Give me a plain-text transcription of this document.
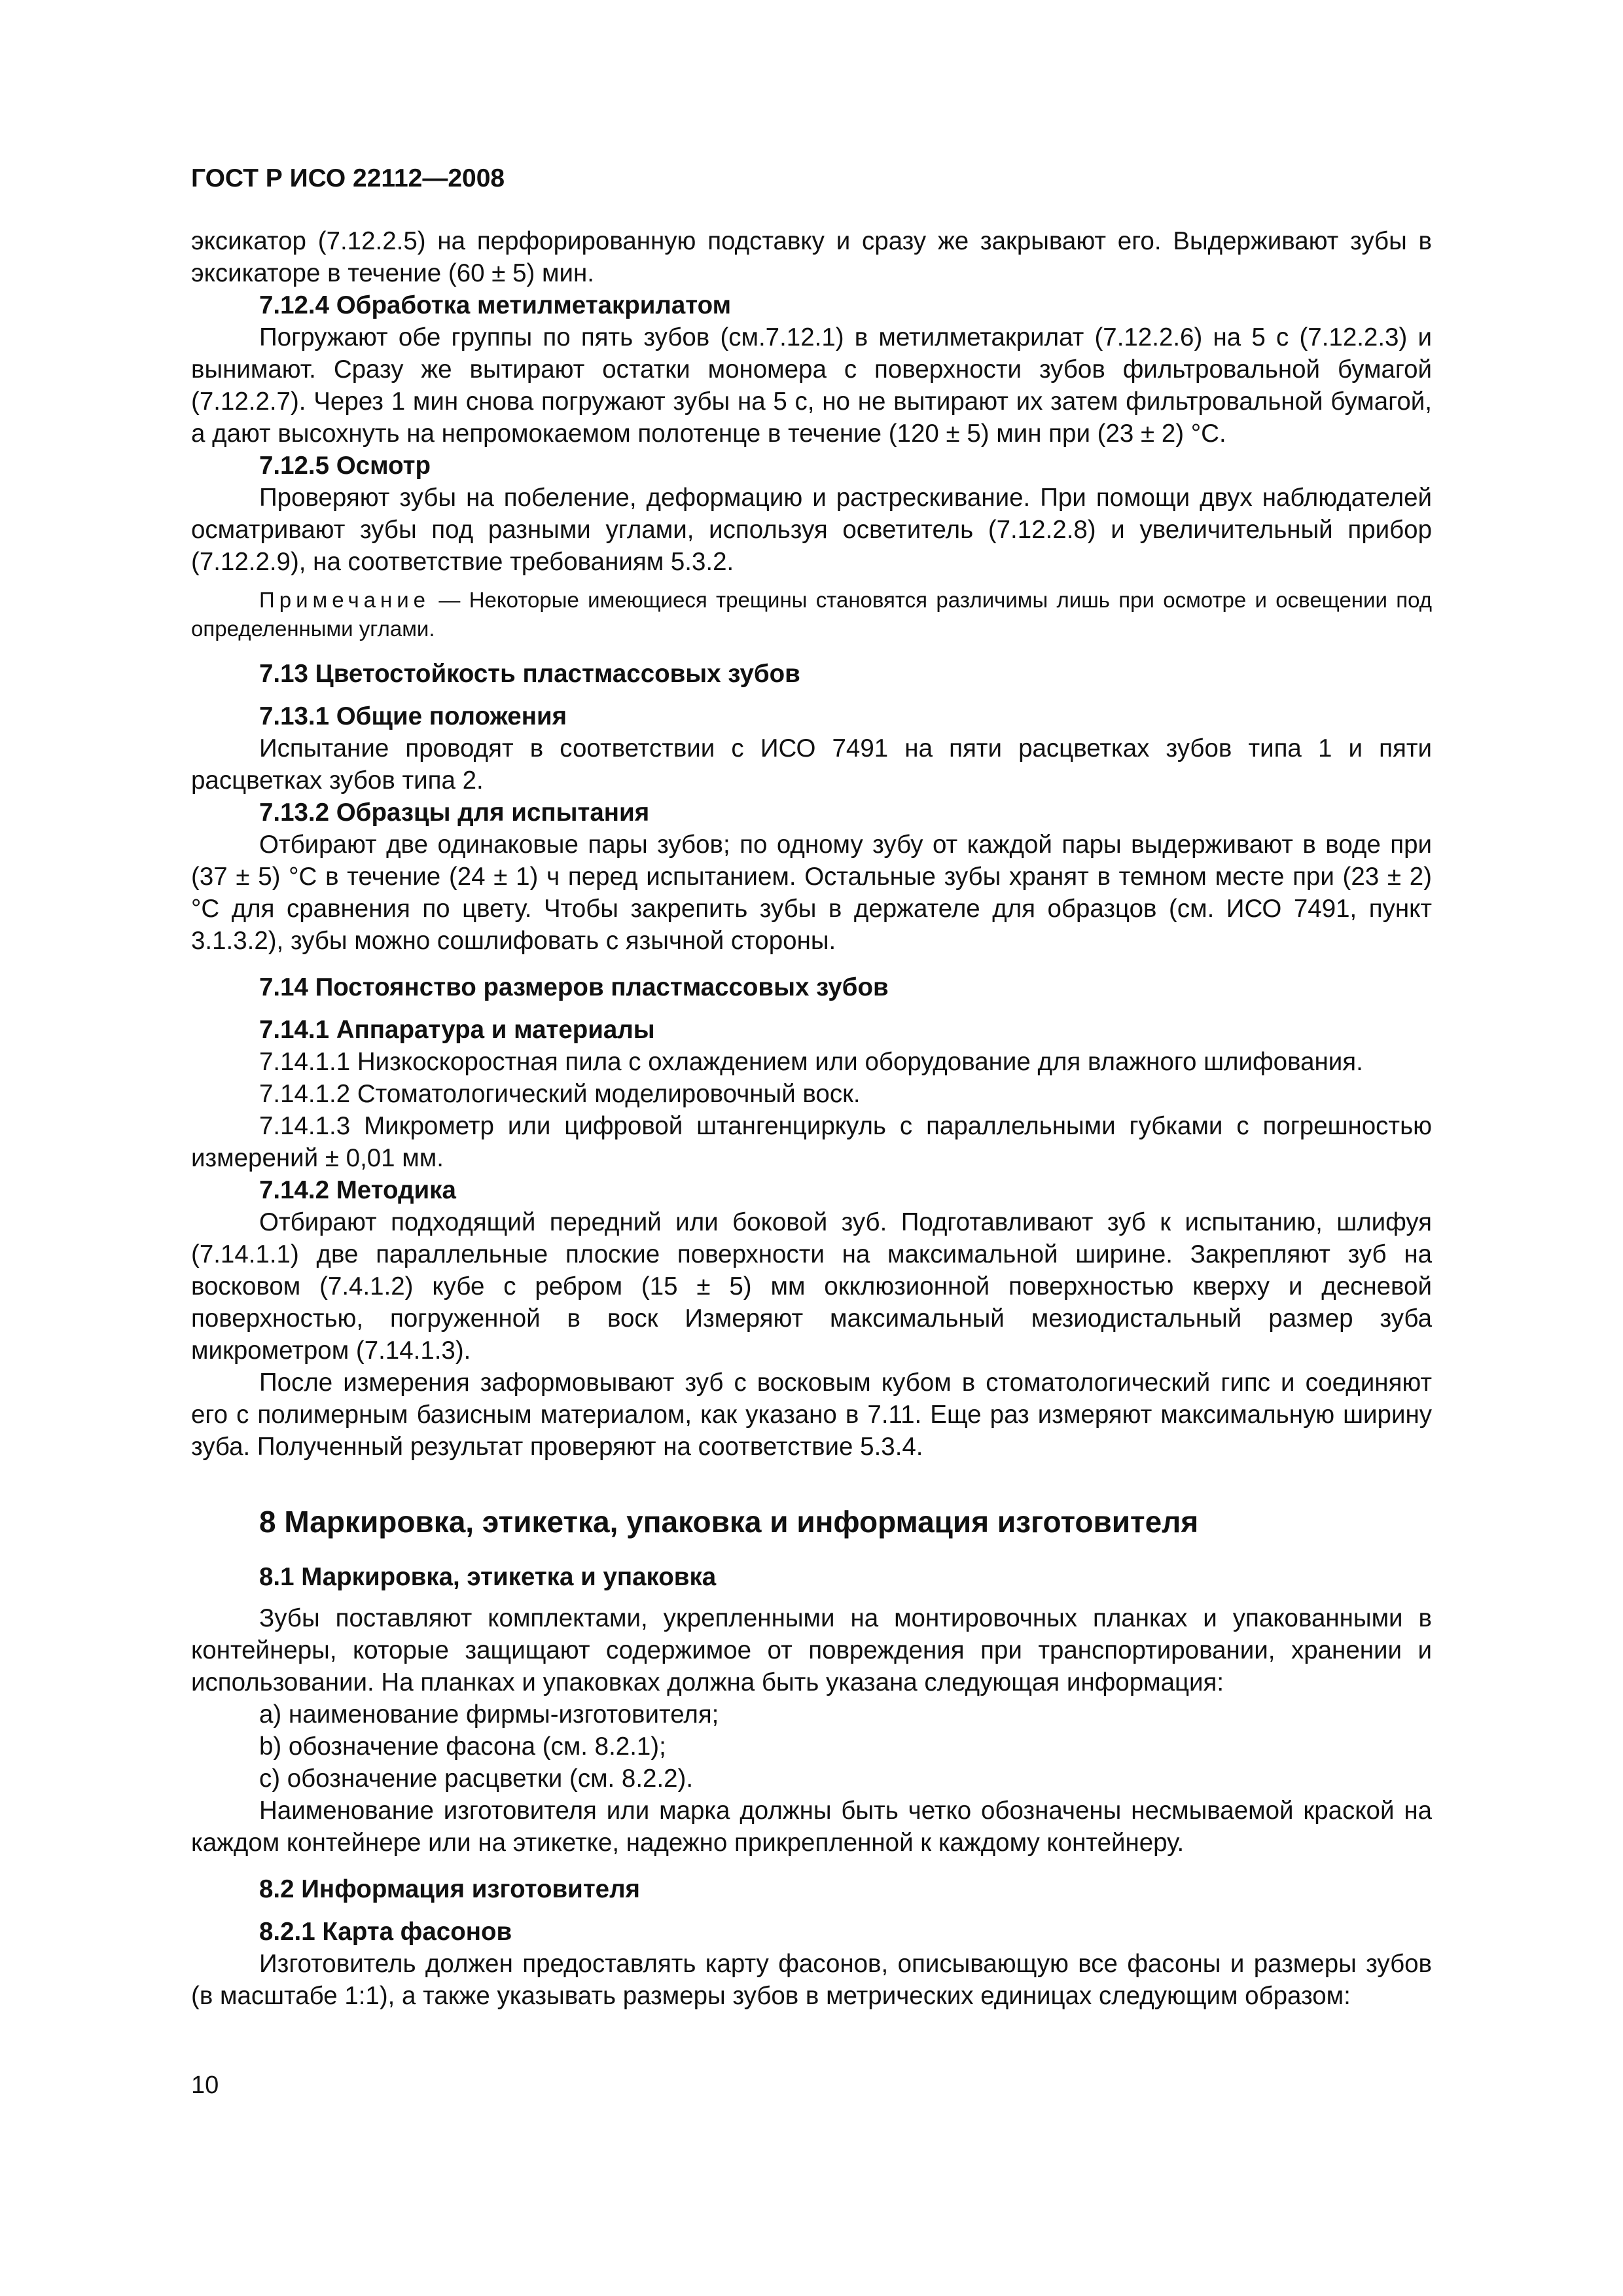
ГОСТ Р ИСО 22112—2008

эксикатор (7.12.2.5) на перфорированную подставку и сразу же закрывают его. Выдерживают зубы в эксикаторе в течение (60 ± 5) мин.

7.12.4 Обработка метилметакрилатом

Погружают обе группы по пять зубов (см.7.12.1) в метилметакрилат (7.12.2.6) на 5 с (7.12.2.3) и вынимают. Сразу же вытирают остатки мономера с поверхности зубов фильтровальной бумагой (7.12.2.7). Через 1 мин снова погружают зубы на 5 с, но не вытирают их затем фильтровальной бумагой, а дают высохнуть на непромокаемом полотенце в течение (120 ± 5) мин при (23 ± 2) °С.

7.12.5 Осмотр

Проверяют зубы на побеление, деформацию и растрескивание. При помощи двух наблюдателей осматривают зубы под разными углами, используя осветитель (7.12.2.8) и увеличительный прибор (7.12.2.9), на соответствие требованиям 5.3.2.

Примечание — Некоторые имеющиеся трещины становятся различимы лишь при осмотре и освещении под определенными углами.

7.13 Цветостойкость пластмассовых зубов

7.13.1 Общие положения

Испытание проводят в соответствии с ИСО 7491 на пяти расцветках зубов типа 1 и пяти расцветках зубов типа 2.

7.13.2 Образцы для испытания

Отбирают две одинаковые пары зубов; по одному зубу от каждой пары выдерживают в воде при (37 ± 5) °С в течение (24 ± 1) ч перед испытанием. Остальные зубы хранят в темном месте при (23 ± 2) °С для сравнения по цвету. Чтобы закрепить зубы в держателе для образцов (см. ИСО 7491, пункт 3.1.3.2), зубы можно сошлифовать с язычной стороны.

7.14 Постоянство размеров пластмассовых зубов

7.14.1 Аппаратура и материалы

7.14.1.1 Низкоскоростная пила с охлаждением или оборудование для влажного шлифования.

7.14.1.2 Стоматологический моделировочный воск.

7.14.1.3 Микрометр или цифровой штангенциркуль с параллельными губками с погрешностью измерений ± 0,01 мм.

7.14.2 Методика

Отбирают подходящий передний или боковой зуб. Подготавливают зуб к испытанию, шлифуя (7.14.1.1) две параллельные плоские поверхности на максимальной ширине. Закрепляют зуб на восковом (7.4.1.2) кубе с ребром (15 ± 5) мм окклюзионной поверхностью кверху и десневой поверхностью, погруженной в воск Измеряют максимальный мезиодистальный размер зуба микрометром (7.14.1.3).

После измерения заформовывают зуб с восковым кубом в стоматологический гипс и соединяют его с полимерным базисным материалом, как указано в 7.11. Еще раз измеряют максимальную ширину зуба. Полученный результат проверяют на соответствие 5.3.4.

8 Маркировка, этикетка, упаковка и информация изготовителя

8.1 Маркировка, этикетка и упаковка

Зубы поставляют комплектами, укрепленными на монтировочных планках и упакованными в контейнеры, которые защищают содержимое от повреждения при транспортировании, хранении и использовании. На планках и упаковках должна быть указана следующая информация:

a) наименование фирмы-изготовителя;

b) обозначение фасона (см. 8.2.1);

c) обозначение расцветки (см. 8.2.2).

Наименование изготовителя или марка должны быть четко обозначены несмываемой краской на каждом контейнере или на этикетке, надежно прикрепленной к каждому контейнеру.

8.2 Информация изготовителя

8.2.1 Карта фасонов

Изготовитель должен предоставлять карту фасонов, описывающую все фасоны и размеры зубов (в масштабе 1:1), а также указывать размеры зубов в метрических единицах следующим образом:

10
